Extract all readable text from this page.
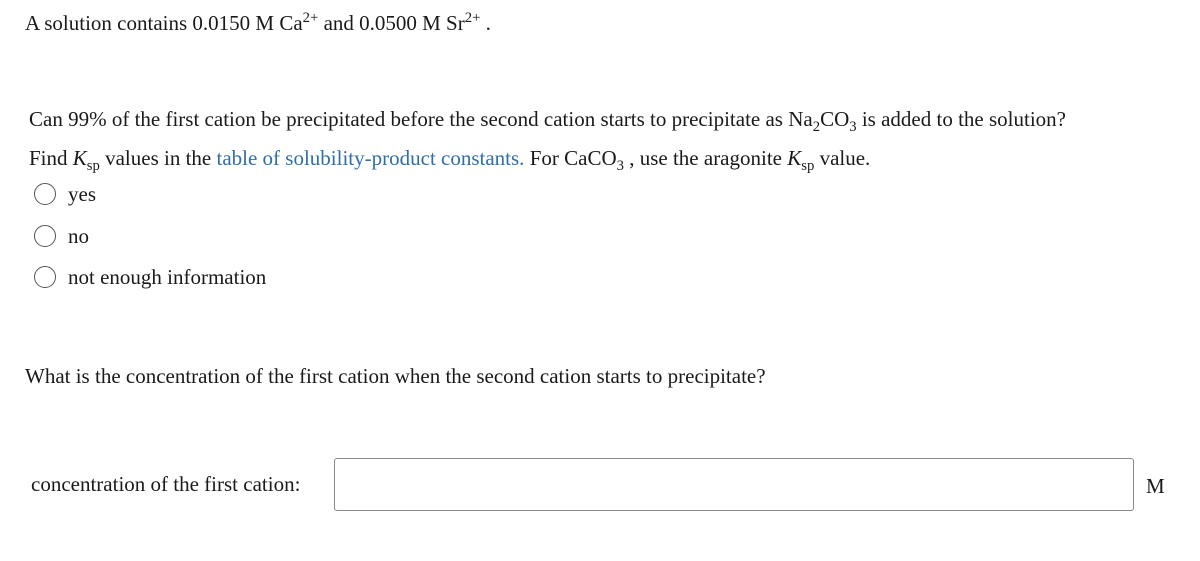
A solution contains 0.0150 M $Ca^{2+}$ and 0.0500 M $Sr^{2+}$ .
Can 99% of the first cation be precipitated before the second cation starts to precipitate as $Na_2CO_3$ is added to the solution?
Find $K_{sp}$ values in the table of solubility-product constants. For CaCO$_3$ , use the aragonite $K_{sp}$ value.
yes
no
not enough information
What is the concentration of the first cation when the second cation starts to precipitate?
concentration of the first cation:	M
